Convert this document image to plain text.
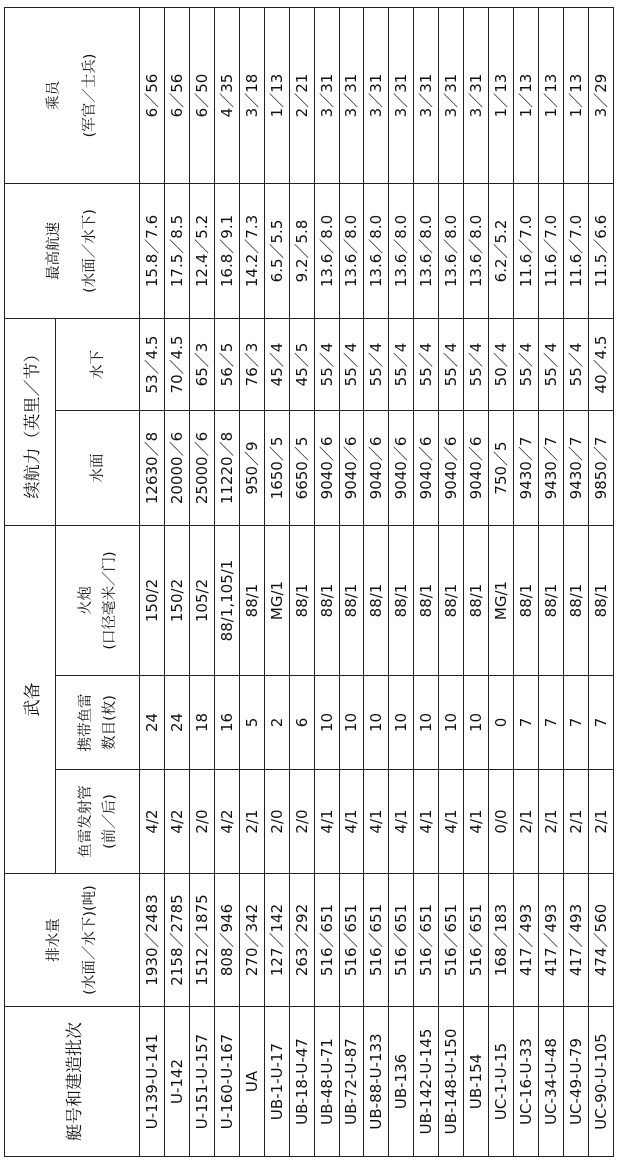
艇号和建造批次	排水量 (水面／水下)(吨)	武备			续航力（英里／节）		最高航速 (水面／水下)	乘员 (军官／士兵)

		鱼雷发射管 (前／后)	携带鱼雷 数目(枚)	火炮 (口径毫米／门)	水面	水下		
U-139-U-141	1930／2483	4/2	24	150/2	12630／8	53／4.5	15.8／7.6	6／56
U-142	2158／2785	4/2	24	150/2	20000／6	70／4.5	17.5／8.5	6／56
U-151-U-157	1512／1875	2/0	18	105/2	25000／6	65／3	12.4／5.2	6／50
U-160-U-167	808／946	4/2	16	88/1,105/1	11220／8	56／5	16.8／9.1	4／35
UA	270／342	2/1	5	88/1	950／9	76／3	14.2／7.3	3／18
UB-1-U-17	127／142	2/0	2	MG/1	1650／5	45／4	6.5／5.5	1／13
UB-18-U-47	263／292	2/0	6	88/1	6650／5	45／5	9.2／5.8	2／21
UB-48-U-71	516／651	4/1	10	88/1	9040／6	55／4	13.6／8.0	3／31
UB-72-U-87	516／651	4/1	10	88/1	9040／6	55／4	13.6／8.0	3／31
UB-88-U-133	516／651	4/1	10	88/1	9040／6	55／4	13.6／8.0	3／31
UB-136	516／651	4/1	10	88/1	9040／6	55／4	13.6／8.0	3／31
UB-142-U-145	516／651	4/1	10	88/1	9040／6	55／4	13.6／8.0	3／31
UB-148-U-150	516／651	4/1	10	88/1	9040／6	55／4	13.6／8.0	3／31
UB-154	516／651	4/1	10	88/1	9040／6	55／4	13.6／8.0	3／31
UC-1-U-15	168／183	0/0	0	MG/1	750／5	50／4	6.2／5.2	1／13
UC-16-U-33	417／493	2/1	7	88/1	9430／7	55／4	11.6／7.0	1／13
UC-34-U-48	417／493	2/1	7	88/1	9430／7	55／4	11.6／7.0	1／13
UC-49-U-79	417／493	2/1	7	88/1	9430／7	55／4	11.6／7.0	1／13
UC-90-U-105	474／560	2/1	7	88/1	9850／7	40／4.5	11.5／6.6	3／29
